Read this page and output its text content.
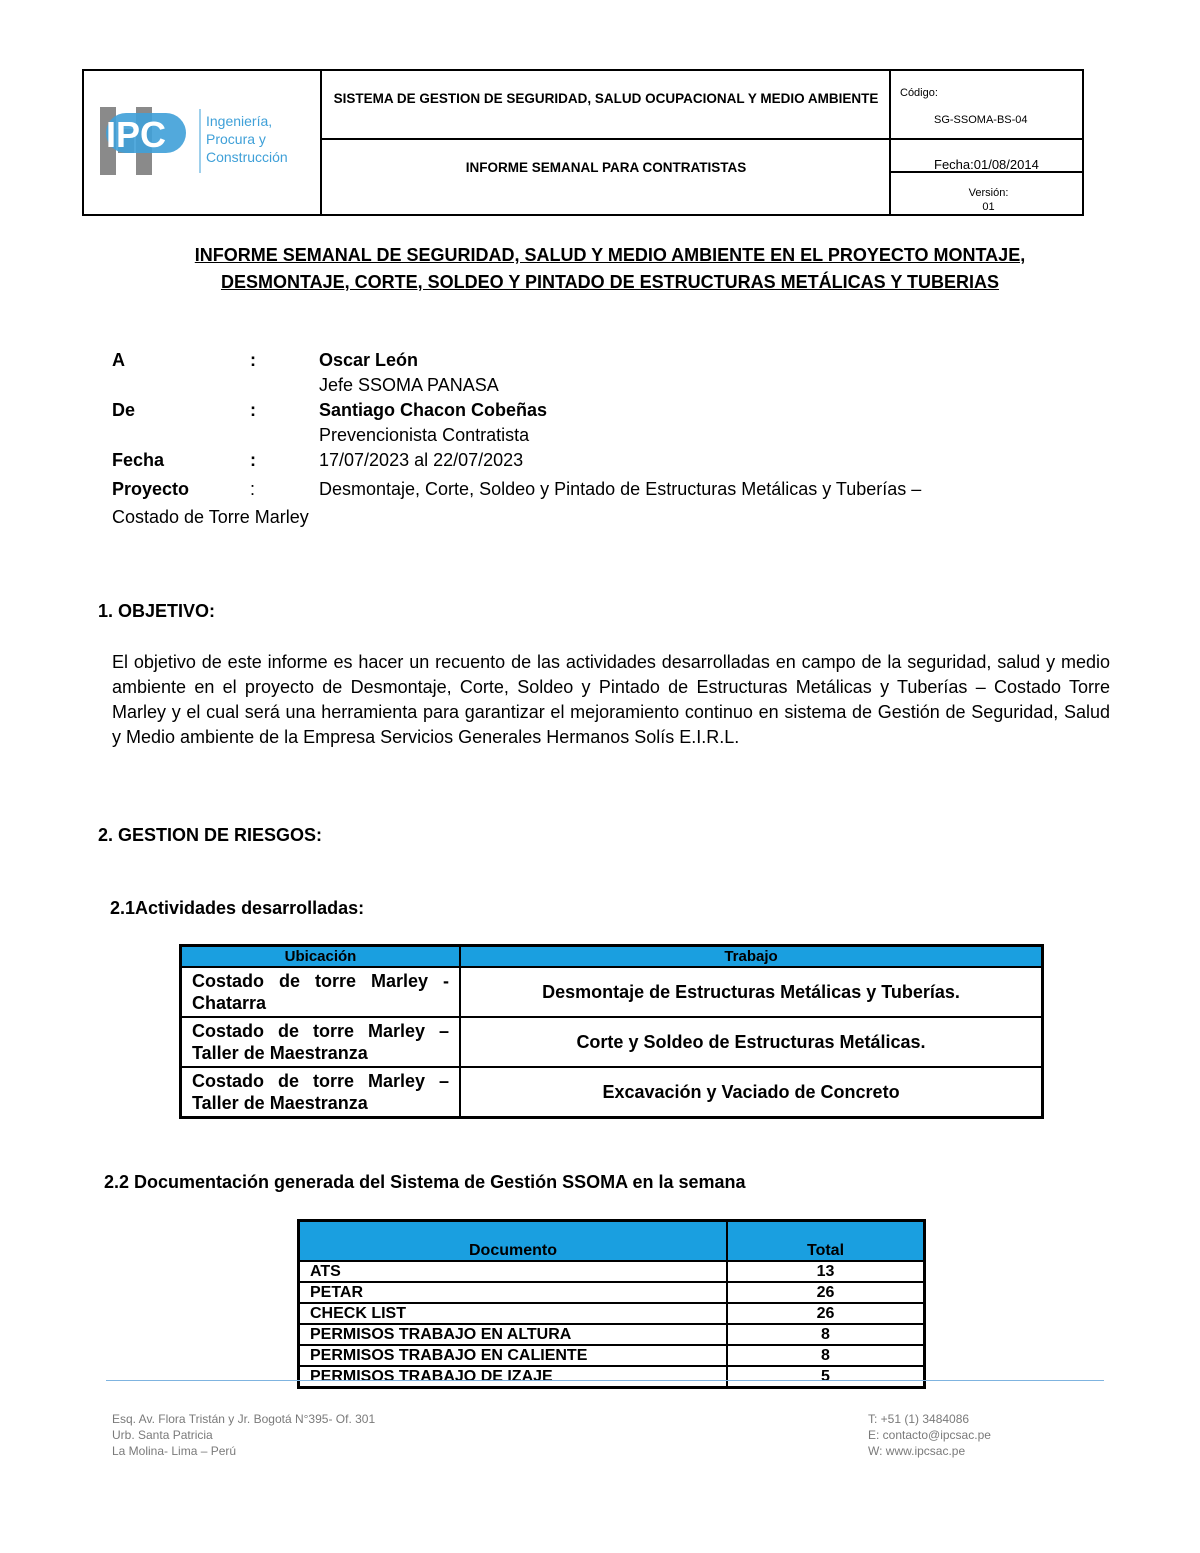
IPC	Ingeniería,
Procura y
Construcción
SISTEMA DE GESTION DE SEGURIDAD, SALUD OCUPACIONAL Y MEDIO AMBIENTE
INFORME SEMANAL PARA CONTRATISTAS
Código:
SG-SSOMA-BS-04
Fecha:01/08/2014
Versión:
01
INFORME SEMANAL DE SEGURIDAD, SALUD Y MEDIO AMBIENTE EN EL PROYECTO MONTAJE,
DESMONTAJE, CORTE, SOLDEO Y PINTADO DE ESTRUCTURAS METÁLICAS Y TUBERIAS
A	:	Oscar León
Jefe SSOMA PANASA
De	:	Santiago Chacon Cobeñas
Prevencionista Contratista
Fecha	:	17/07/2023 al 22/07/2023
Proyecto	:	Desmontaje, Corte, Soldeo y Pintado de Estructuras Metálicas y Tuberías –
Costado de Torre Marley
1. OBJETIVO:
El objetivo de este informe es hacer un recuento de las actividades desarrolladas en campo de la seguridad, salud y medio ambiente en el proyecto de Desmontaje, Corte, Soldeo y Pintado de Estructuras Metálicas y Tuberías – Costado Torre Marley y el cual será una herramienta para garantizar el mejoramiento continuo en sistema de Gestión de Seguridad, Salud y Medio ambiente de la Empresa Servicios Generales Hermanos Solís E.I.R.L.
2. GESTION DE RIESGOS:
2.1Actividades desarrolladas:
Ubicación	Trabajo
Costado de torre Marley - Chatarra	Desmontaje de Estructuras Metálicas y Tuberías.
Costado de torre Marley – Taller de Maestranza	Corte y Soldeo de Estructuras Metálicas.
Costado de torre Marley – Taller de Maestranza	Excavación y Vaciado de Concreto
2.2 Documentación generada del Sistema de Gestión SSOMA en la semana
Documento	Total
ATS	13
PETAR	26
CHECK LIST	26
PERMISOS TRABAJO EN ALTURA	8
PERMISOS TRABAJO EN CALIENTE	8
PERMISOS TRABAJO DE IZAJE	5
Esq. Av. Flora Tristán y Jr. Bogotá N°395- Of. 301
Urb. Santa Patricia
La Molina- Lima – Perú
T: +51 (1) 3484086
E: contacto@ipcsac.pe
W: www.ipcsac.pe
